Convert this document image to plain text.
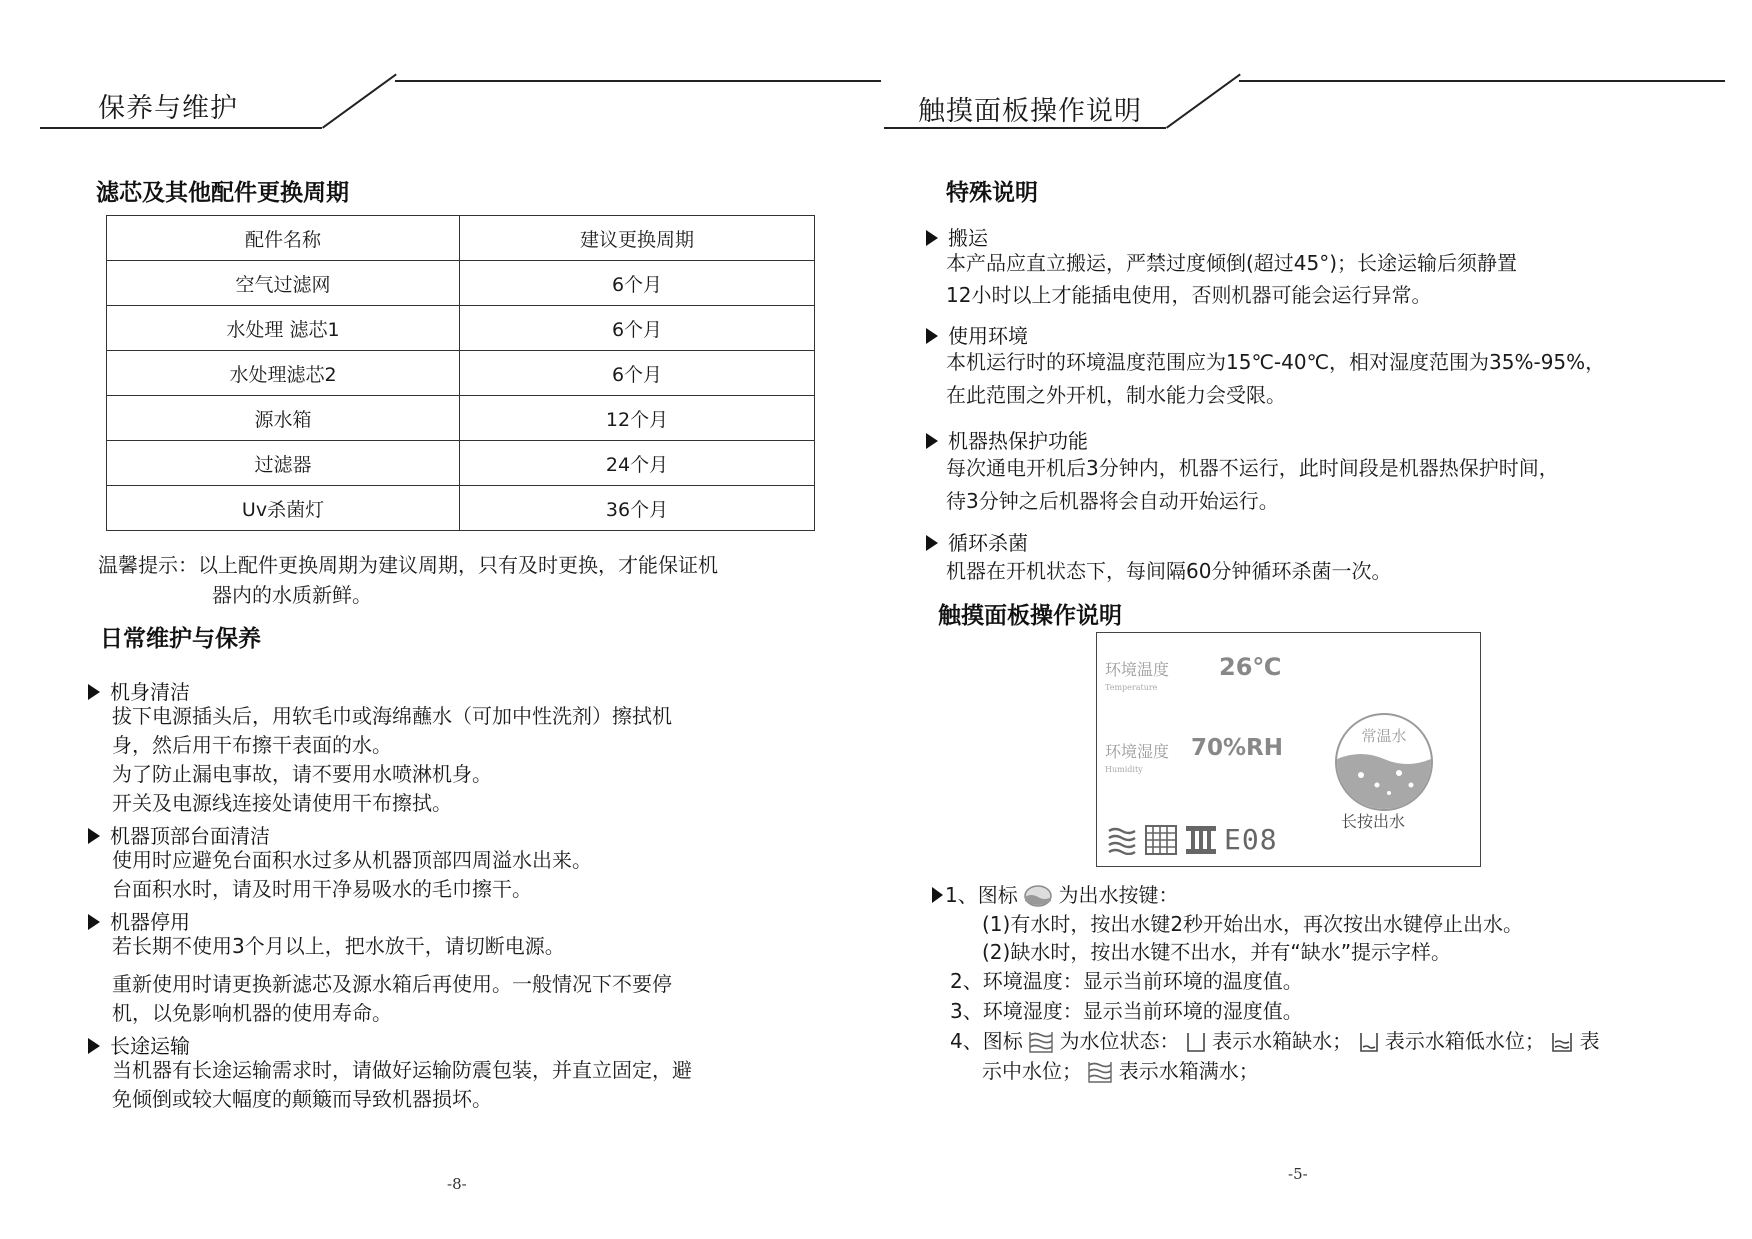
保养与维护
滤芯及其他配件更换周期
配件名称	建议更换周期
空气过滤网	6个月
水处理 滤芯1	6个月
水处理滤芯2	6个月
源水箱	12个月
过滤器	24个月
Uv杀菌灯	36个月
温馨提示：以上配件更换周期为建议周期，只有及时更换，才能保证机
器内的水质新鲜。
日常维护与保养
机身清洁
拔下电源插头后，用软毛巾或海绵蘸水（可加中性洗剂）擦拭机
身，然后用干布擦干表面的水。
为了防止漏电事故，请不要用水喷淋机身。
开关及电源线连接处请使用干布擦拭。
机器顶部台面清洁
使用时应避免台面积水过多从机器顶部四周溢水出来。
台面积水时，请及时用干净易吸水的毛巾擦干。
机器停用
若长期不使用3个月以上，把水放干，请切断电源。
重新使用时请更换新滤芯及源水箱后再使用。一般情况下不要停
机，以免影响机器的使用寿命。
长途运输
当机器有长途运输需求时，请做好运输防震包装，并直立固定，避
免倾倒或较大幅度的颠簸而导致机器损坏。
-8-
触摸面板操作说明
特殊说明
搬运
本产品应直立搬运，严禁过度倾倒(超过45°)；长途运输后须静置
12小时以上才能插电使用，否则机器可能会运行异常。
使用环境
本机运行时的环境温度范围应为15℃-40℃，相对湿度范围为35%-95%，
在此范围之外开机，制水能力会受限。
机器热保护功能
每次通电开机后3分钟内，机器不运行，此时间段是机器热保护时间，
待3分钟之后机器将会自动开始运行。
循环杀菌
机器在开机状态下，每间隔60分钟循环杀菌一次。
触摸面板操作说明
环境温度
Temperature
26℃
环境湿度
Humidity
70%RH	常温水
长按出水
E08
1、图标 为出水按键：
(1)有水时，按出水键2秒开始出水，再次按出水键停止出水。
(2)缺水时，按出水键不出水，并有“缺水”提示字样。
2、环境温度：显示当前环境的温度值。
3、环境湿度：显示当前环境的湿度值。
4、图标 为水位状态： 表示水箱缺水； 表示水箱低水位； 表
示中水位； 表示水箱满水；
-5-
